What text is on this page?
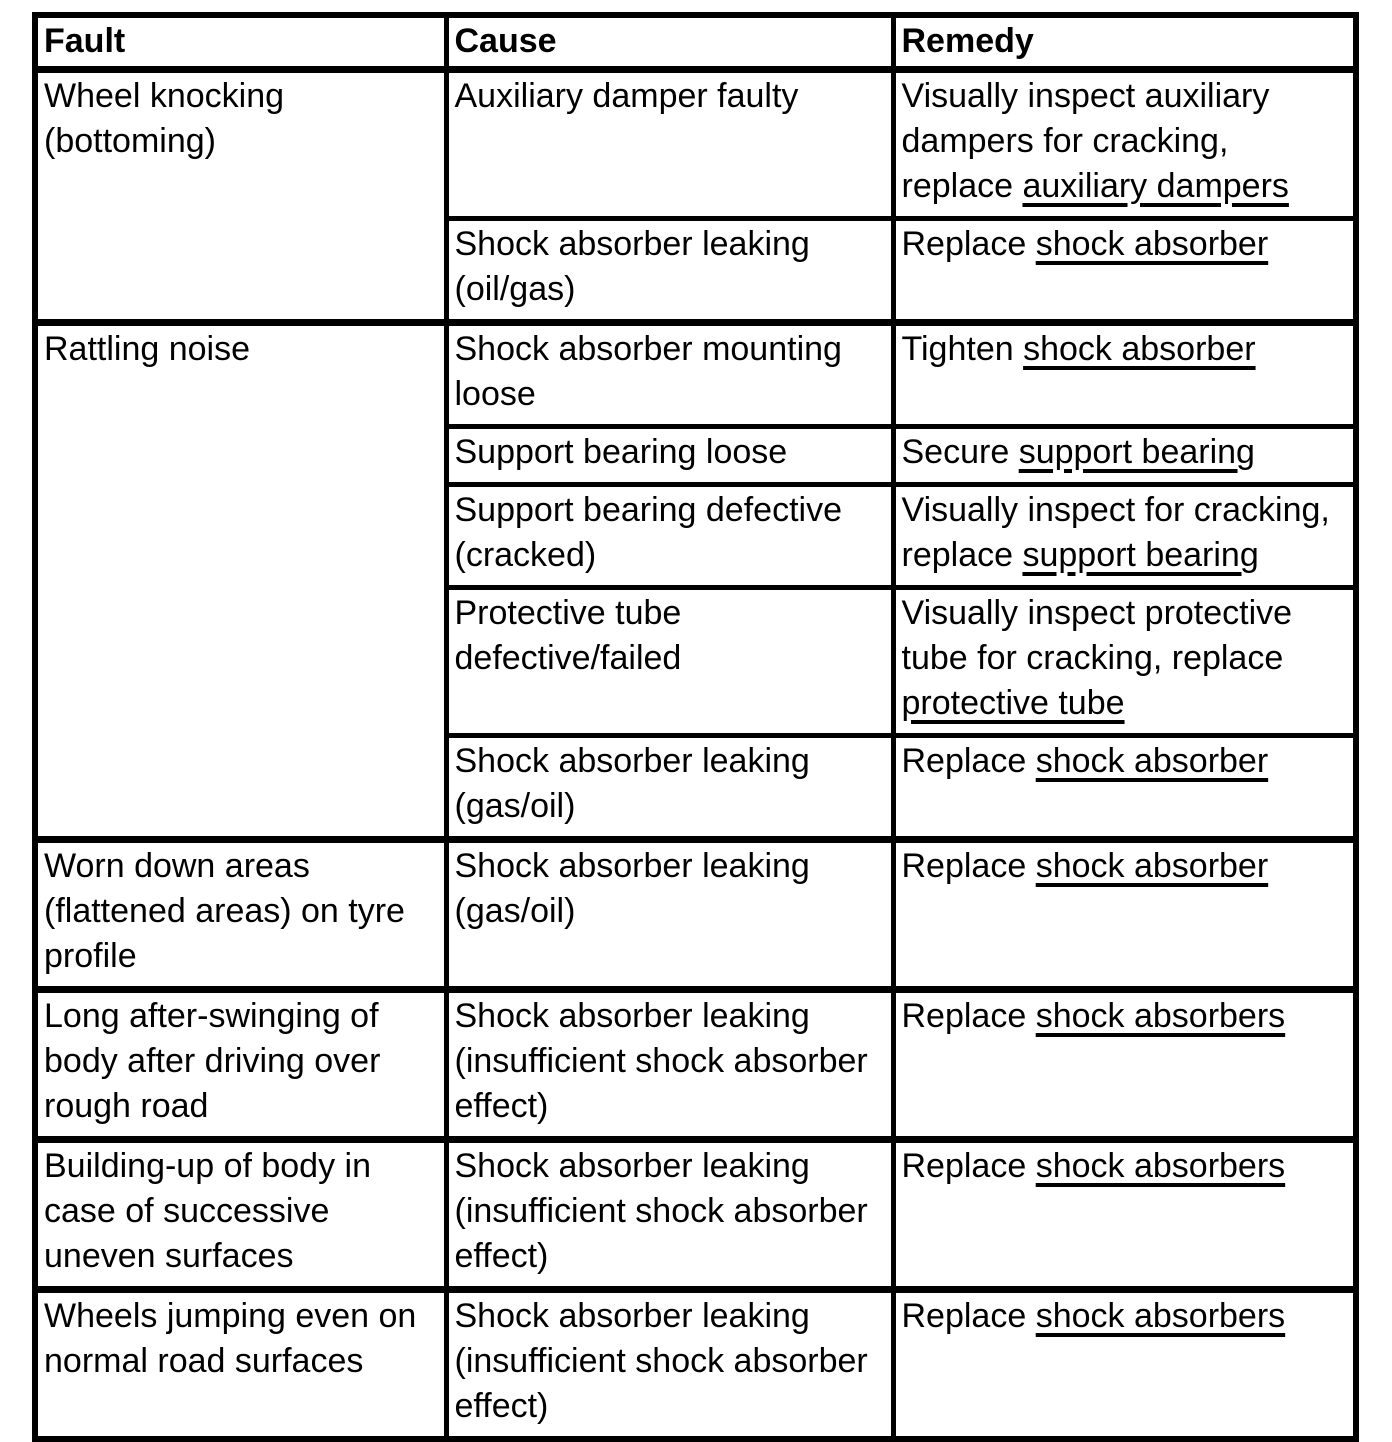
Fault	Cause	Remedy
Wheel knocking (bottoming)	Auxiliary damper faulty	Visually inspect auxiliary dampers for cracking, replace auxiliary dampers
	Shock absorber leaking (oil/gas)	Replace shock absorber
Rattling noise	Shock absorber mounting loose	Tighten shock absorber
	Support bearing loose	Secure support bearing
	Support bearing defective (cracked)	Visually inspect for cracking, replace support bearing
	Protective tube defective/failed	Visually inspect protective tube for cracking, replace protective tube
	Shock absorber leaking (gas/oil)	Replace shock absorber
Worn down areas (flattened areas) on tyre profile	Shock absorber leaking (gas/oil)	Replace shock absorber
Long after-swinging of body after driving over rough road	Shock absorber leaking (insufficient shock absorber effect)	Replace shock absorbers
Building-up of body in case of successive uneven surfaces	Shock absorber leaking (insufficient shock absorber effect)	Replace shock absorbers
Wheels jumping even on normal road surfaces	Shock absorber leaking (insufficient shock absorber effect)	Replace shock absorbers
